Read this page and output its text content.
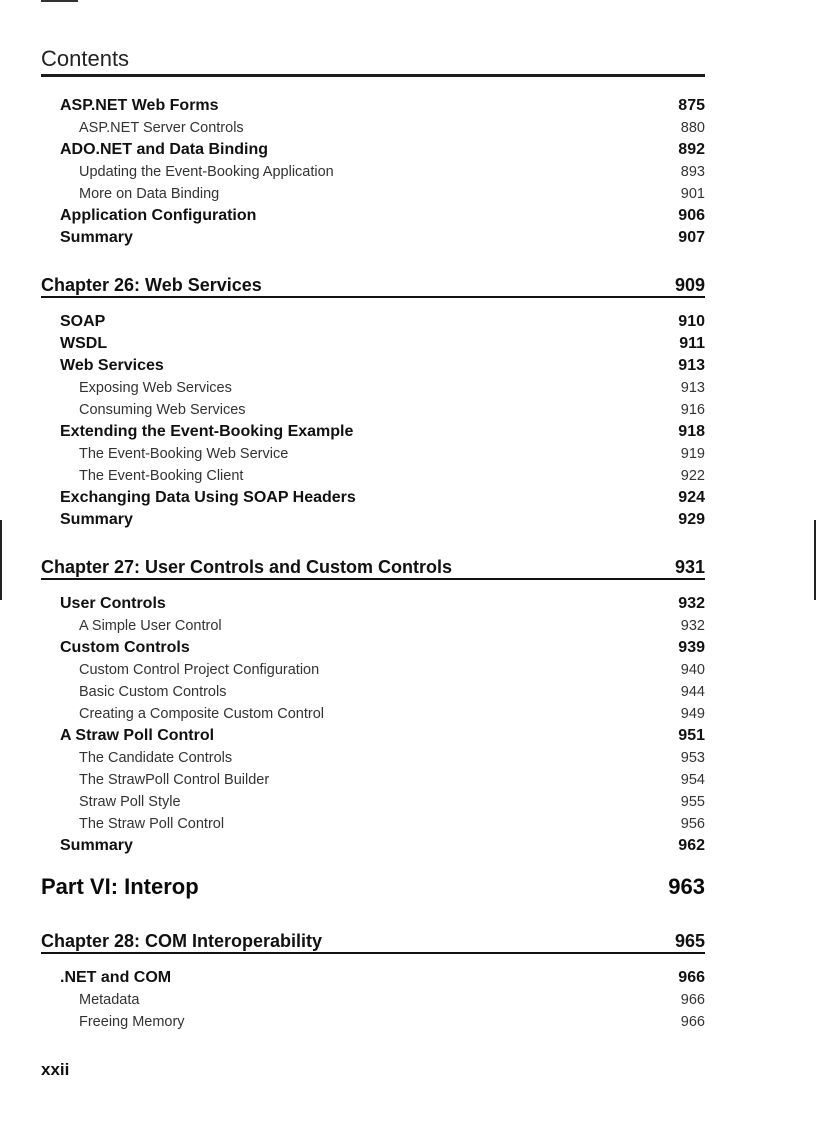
Contents
ASP.NET Web Forms	875
ASP.NET Server Controls	880
ADO.NET and Data Binding	892
Updating the Event-Booking Application	893
More on Data Binding	901
Application Configuration	906
Summary	907
Chapter 26: Web Services	909
SOAP	910
WSDL	911
Web Services	913
Exposing Web Services	913
Consuming Web Services	916
Extending the Event-Booking Example	918
The Event-Booking Web Service	919
The Event-Booking Client	922
Exchanging Data Using SOAP Headers	924
Summary	929
Chapter 27: User Controls and Custom Controls	931
User Controls	932
A Simple User Control	932
Custom Controls	939
Custom Control Project Configuration	940
Basic Custom Controls	944
Creating a Composite Custom Control	949
A Straw Poll Control	951
The Candidate Controls	953
The StrawPoll Control Builder	954
Straw Poll Style	955
The Straw Poll Control	956
Summary	962
Part VI: Interop	963
Chapter 28: COM Interoperability	965
.NET and COM	966
Metadata	966
Freeing Memory	966
xxii
